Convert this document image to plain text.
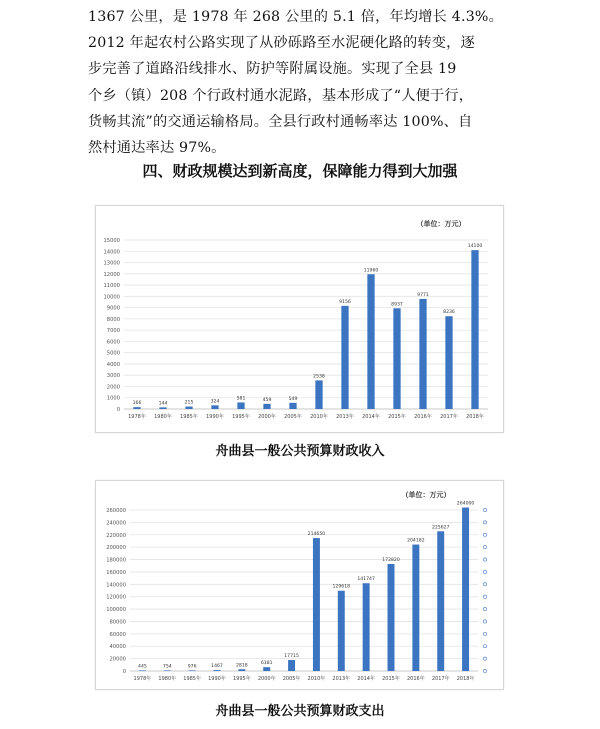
1367 公里，是 1978 年 268 公里的 5.1 倍，年均增长 4.3%。
2012 年起农村公路实现了从砂砾路至水泥硬化路的转变，逐
步完善了道路沿线排水、防护等附属设施。实现了全县 19
个乡（镇）208 个行政村通水泥路，基本形成了“人便于行，
货畅其流”的交通运输格局。全县行政村通畅率达 100%、自
然村通达率达 97%。
四、财政规模达到新高度，保障能力得到大加强
0
1000
2000
3000
4000
5000
6000
7000
8000
9000
10000
11000
12000
13000
14000
15000
166
1978年
144
1980年
215
1985年
324
1990年
581
1995年
459
2000年
549
2005年
2538
2010年
9156
2013年
11960
2014年
8937
2015年
9771
2016年
8236
2017年
14100
2018年
（单位：万元）
舟曲县一般公共预算财政收入
0
20000
40000
60000
80000
100000
120000
140000
160000
180000
200000
220000
240000
260000
445
1978年
754
1980年
976
1985年
1467
1990年
2818
1995年
6181
2000年
17715
2005年
214650
2010年
129618
2013年
141747
2014年
172820
2015年
204182
2016年
225627
2017年
264000
2018年
（单位：万元）
舟曲县一般公共预算财政支出
